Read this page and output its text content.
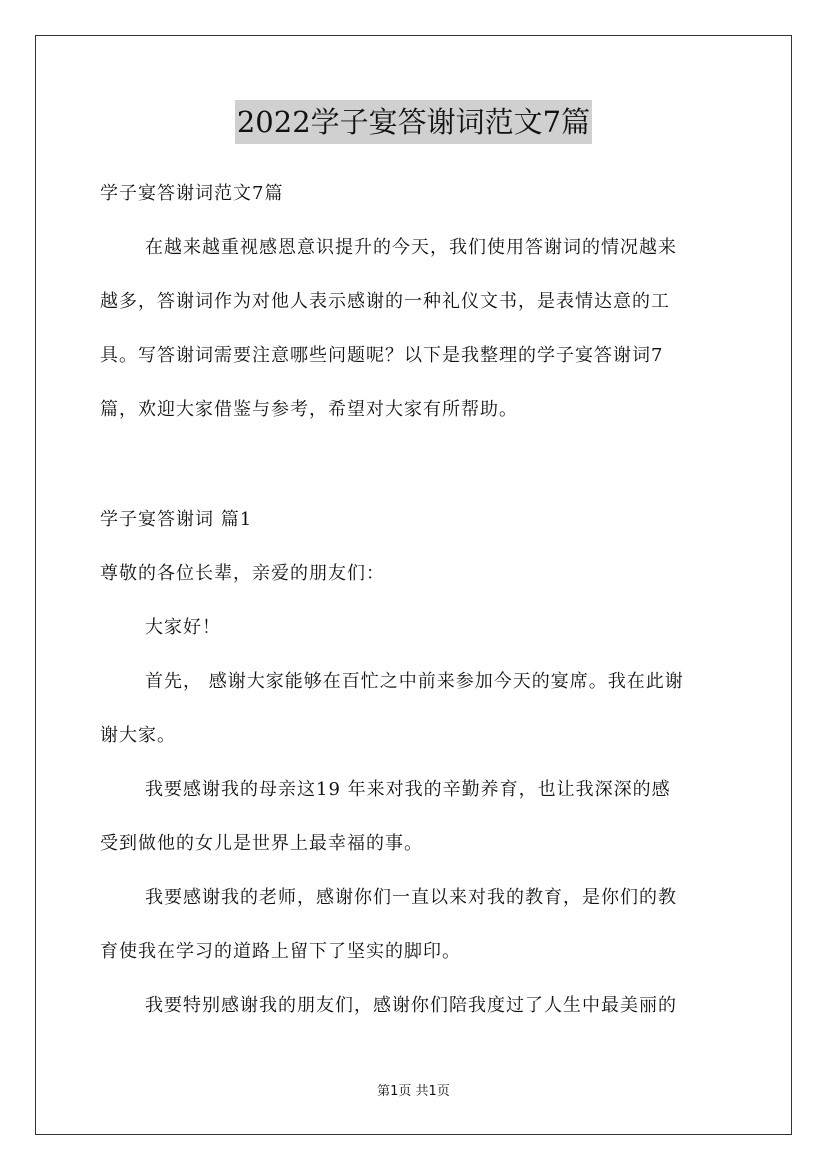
2022学子宴答谢词范文7篇
学子宴答谢词范文7篇
在越来越重视感恩意识提升的今天，我们使用答谢词的情况越来
越多，答谢词作为对他人表示感谢的一种礼仪文书，是表情达意的工
具。写答谢词需要注意哪些问题呢？以下是我整理的学子宴答谢词7
篇，欢迎大家借鉴与参考，希望对大家有所帮助。
学子宴答谢词 篇1
尊敬的各位长辈，亲爱的朋友们：
大家好！
首先， 感谢大家能够在百忙之中前来参加今天的宴席。我在此谢
谢大家。
我要感谢我的母亲这19 年来对我的辛勤养育，也让我深深的感
受到做他的女儿是世界上最幸福的事。
我要感谢我的老师，感谢你们一直以来对我的教育，是你们的教
育使我在学习的道路上留下了坚实的脚印。
我要特别感谢我的朋友们，感谢你们陪我度过了人生中最美丽的
第1页 共1页
